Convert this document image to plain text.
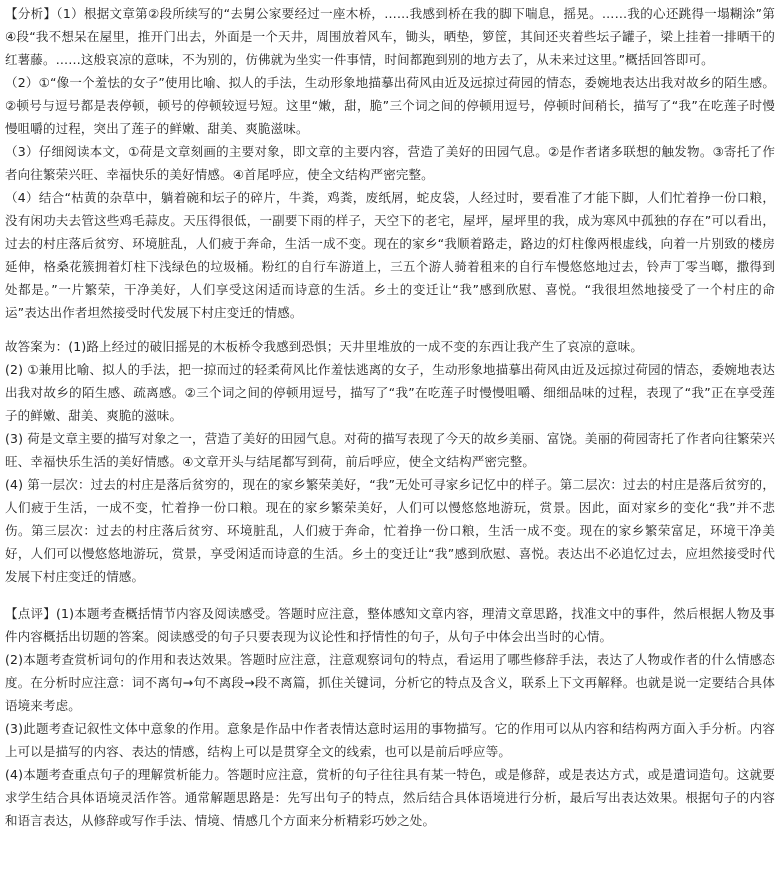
【分析】（1）根据文章第②段所续写的“去舅公家要经过一座木桥，……我感到桥在我的脚下喘息，摇晃。……我的心还跳得一塌糊涂”第④段“我不想呆在屋里，推开门出去，外面是一个天井，周围放着风车，锄头，晒垫，箩筐，其间还夹着些坛子罐子，梁上挂着一排晒干的红薯藤。……这般哀凉的意味，不为别的，仿佛就为坐实一件事情，时间都跑到别的地方去了，从未来过这里。”概括回答即可。

（2）①“像一个羞怯的女子”使用比喻、拟人的手法，生动形象地描摹出荷风由近及远掠过荷园的情态，委婉地表达出我对故乡的陌生感。②顿号与逗号都是表停顿，顿号的停顿较逗号短。这里“嫩，甜，脆”三个词之间的停顿用逗号，停顿时间稍长，描写了“我”在吃莲子时慢慢咀嚼的过程，突出了莲子的鲜嫩、甜美、爽脆滋味。

（3）仔细阅读本文，①荷是文章刻画的主要对象，即文章的主要内容，营造了美好的田园气息。②是作者诸多联想的触发物。③寄托了作者向往繁荣兴旺、幸福快乐的美好情感。④首尾呼应，使全文结构严密完整。

（4）结合“枯黄的杂草中，躺着碗和坛子的碎片，牛粪，鸡粪，废纸屑，蛇皮袋，人经过时，要看准了才能下脚，人们忙着挣一份口粮，没有闲功夫去管这些鸡毛蒜皮。天压得很低，一副要下雨的样子，天空下的老宅，屋坪，屋坪里的我，成为寒风中孤独的存在”可以看出，过去的村庄落后贫穷、环境脏乱，人们疲于奔命，生活一成不变。现在的家乡“我顺着路走，路边的灯柱像两根虚线，向着一片别致的楼房延伸，格桑花簇拥着灯柱下浅绿色的垃圾桶。粉红的自行车游道上，三五个游人骑着租来的自行车慢悠悠地过去，铃声丁零当啷，撒得到处都是。”一片繁荣，干净美好，人们享受这闲适而诗意的生活。乡土的变迁让“我”感到欣慰、喜悦。“我很坦然地接受了一个村庄的命运”表达出作者坦然接受时代发展下村庄变迁的情感。

故答案为：(1)路上经过的破旧摇晃的木板桥令我感到恐惧；天井里堆放的一成不变的东西让我产生了哀凉的意味。

(2) ①兼用比喻、拟人的手法，把一掠而过的轻柔荷风比作羞怯逃离的女子，生动形象地描摹出荷风由近及远掠过荷园的情态，委婉地表达出我对故乡的陌生感、疏离感。②三个词之间的停顿用逗号，描写了“我”在吃莲子时慢慢咀嚼、细细品味的过程，表现了“我”正在享受莲子的鲜嫩、甜美、爽脆的滋味。

(3) 荷是文章主要的描写对象之一，营造了美好的田园气息。对荷的描写表现了今天的故乡美丽、富饶。美丽的荷园寄托了作者向往繁荣兴旺、幸福快乐生活的美好情感。④文章开头与结尾都写到荷，前后呼应，使全文结构严密完整。

(4) 第一层次：过去的村庄是落后贫穷的，现在的家乡繁荣美好，“我”无处可寻家乡记忆中的样子。第二层次：过去的村庄是落后贫穷的，人们疲于生活，一成不变，忙着挣一份口粮。现在的家乡繁荣美好，人们可以慢悠悠地游玩，赏景。因此，面对家乡的变化“我”并不悲伤。第三层次：过去的村庄落后贫穷、环境脏乱，人们疲于奔命，忙着挣一份口粮，生活一成不变。现在的家乡繁荣富足，环境干净美好，人们可以慢悠悠地游玩，赏景，享受闲适而诗意的生活。乡土的变迁让“我”感到欣慰、喜悦。表达出不必追忆过去，应坦然接受时代发展下村庄变迁的情感。

【点评】(1)本题考查概括情节内容及阅读感受。答题时应注意，整体感知文章内容，理清文章思路，找准文中的事件，然后根据人物及事件内容概括出切题的答案。阅读感受的句子只要表现为议论性和抒情性的句子，从句子中体会出当时的心情。

(2)本题考查赏析词句的作用和表达效果。答题时应注意，注意观察词句的特点，看运用了哪些修辞手法，表达了人物或作者的什么情感态度。在分析时应注意：词不离句→句不离段→段不离篇，抓住关键词，分析它的特点及含义，联系上下文再解释。也就是说一定要结合具体语境来考虑。

(3)此题考查记叙性文体中意象的作用。意象是作品中作者表情达意时运用的事物描写。它的作用可以从内容和结构两方面入手分析。内容上可以是描写的内容、表达的情感，结构上可以是贯穿全文的线索，也可以是前后呼应等。

(4)本题考查重点句子的理解赏析能力。答题时应注意，赏析的句子往往具有某一特色，或是修辞，或是表达方式，或是遣词造句。这就要求学生结合具体语境灵活作答。通常解题思路是：先写出句子的特点，然后结合具体语境进行分析，最后写出表达效果。根据句子的内容和语言表达，从修辞或写作手法、情境、情感几个方面来分析精彩巧妙之处。
